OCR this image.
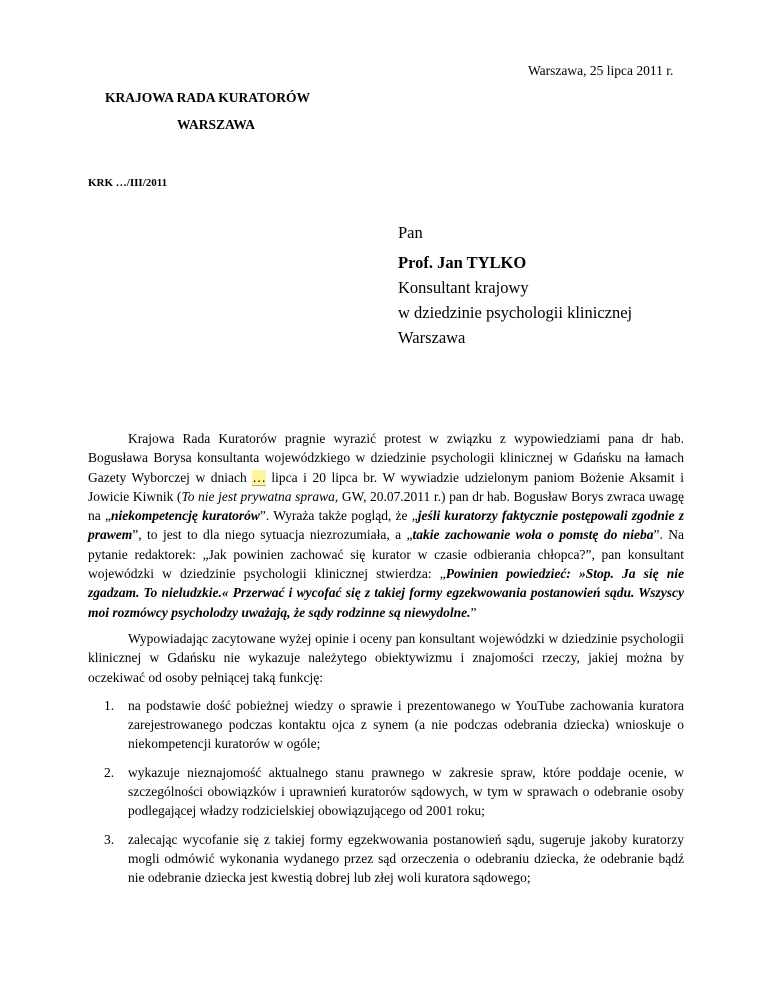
Warszawa, 25 lipca 2011 r.
KRAJOWA RADA KURATORÓW
WARSZAWA
KRK …/III/2011
Pan
Prof. Jan TYLKO
Konsultant krajowy
w dziedzinie psychologii klinicznej
Warszawa

Krajowa Rada Kuratorów pragnie wyrazić protest w związku z wypowiedziami pana dr hab. Bogusława Borysa konsultanta wojewódzkiego w dziedzinie psychologii klinicznej w Gdańsku na łamach Gazety Wyborczej w dniach … lipca i 20 lipca br. W wywiadzie udzielonym paniom Bożenie Aksamit i Jowicie Kiwnik (To nie jest prywatna sprawa, GW, 20.07.2011 r.) pan dr hab. Bogusław Borys zwraca uwagę na „niekompetencję kuratorów”. Wyraża także pogląd, że „jeśli kuratorzy faktycznie postępowali zgodnie z prawem”, to jest to dla niego sytuacja niezrozumiała, a „takie zachowanie woła o pomstę do nieba”. Na pytanie redaktorek: „Jak powinien zachować się kurator w czasie odbierania chłopca?”, pan konsultant wojewódzki w dziedzinie psychologii klinicznej stwierdza: „Powinien powiedzieć: »Stop. Ja się nie zgadzam. To nieludzkie.« Przerwać i wycofać się z takiej formy egzekwowania postanowień sądu. Wszyscy moi rozmówcy psycholodzy uważają, że sądy rodzinne są niewydolne.”

Wypowiadając zacytowane wyżej opinie i oceny pan konsultant wojewódzki w dziedzinie psychologii klinicznej w Gdańsku nie wykazuje należytego obiektywizmu i znajomości rzeczy, jakiej można by oczekiwać od osoby pełniącej taką funkcję:

1.	na podstawie dość pobieżnej wiedzy o sprawie i prezentowanego w YouTube zachowania kuratora zarejestrowanego podczas kontaktu ojca z synem (a nie podczas odebrania dziecka) wnioskuje o niekompetencji kuratorów w ogóle;
2.	wykazuje nieznajomość aktualnego stanu prawnego w zakresie spraw, które poddaje ocenie, w szczególności obowiązków i uprawnień kuratorów sądowych, w tym w sprawach o odebranie osoby podlegającej władzy rodzicielskiej obowiązującego od 2001 roku;
3.	zalecając wycofanie się z takiej formy egzekwowania postanowień sądu, sugeruje jakoby kuratorzy mogli odmówić wykonania wydanego przez sąd orzeczenia o odebraniu dziecka, że odebranie bądź nie odebranie dziecka jest kwestią dobrej lub złej woli kuratora sądowego;
